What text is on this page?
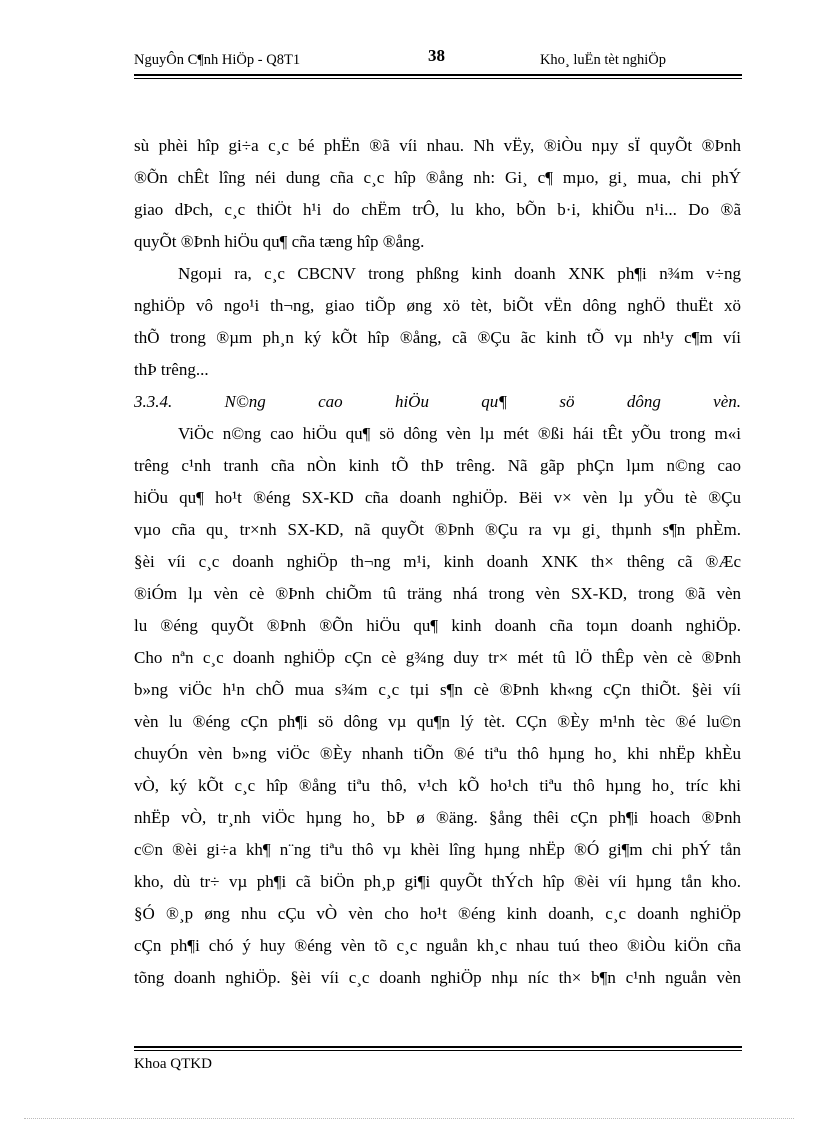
NguyÔn C¶nh HiÖp - Q8T1	38	Kho¸ luËn tèt nghiÖp

sù phèi hîp gi÷a c¸c bé phËn ®ã víi nhau. Nh vËy, ®iÒu nµy sÏ quyÕt ®Þnh

®Õn chÊt lîng néi dung cña c¸c hîp ®ång nh: Gi¸ c¶ mµo, gi¸ mua, chi phÝ

giao dÞch, c¸c thiÖt h¹i do chËm trÔ, lu kho, bÕn b·i, khiÕu n¹i... Do ®ã

quyÕt ®Þnh hiÖu qu¶ cña tæng hîp ®ång.

Ngoµi ra, c¸c CBCNV trong phßng kinh doanh XNK ph¶i n¾m v÷ng

nghiÖp vô ngo¹i th¬ng, giao tiÕp øng xö tèt, biÕt vËn dông nghÖ thuËt xö

thÕ trong ®µm ph¸n ký kÕt hîp ®ång, cã ®Çu ãc kinh tÕ vµ nh¹y c¶m víi

thÞ trêng...

3.3.4. N©ng cao hiÖu qu¶ sö dông vèn.

ViÖc n©ng cao hiÖu qu¶ sö dông vèn lµ mét ®ßi hái tÊt yÕu trong m«i

trêng c¹nh tranh cña nÒn kinh tÕ thÞ trêng. Nã gãp phÇn lµm n©ng cao

hiÖu qu¶ ho¹t ®éng SX-KD cña doanh nghiÖp. Bëi v× vèn lµ yÕu tè ®Çu

vµo cña qu¸ tr×nh SX-KD, nã quyÕt ®Þnh ®Çu ra vµ gi¸ thµnh s¶n phÈm.

§èi víi c¸c doanh nghiÖp th¬ng m¹i, kinh doanh XNK th× thêng cã ®Æc

®iÓm lµ vèn cè ®Þnh chiÕm tû träng nhá trong vèn SX-KD, trong ®ã vèn

lu ®éng quyÕt ®Þnh ®Õn hiÖu qu¶ kinh doanh cña toµn doanh nghiÖp.

Cho nªn c¸c doanh nghiÖp cÇn cè g¾ng duy tr× mét tû lÖ thÊp vèn cè ®Þnh

b»ng viÖc h¹n chÕ mua s¾m c¸c tµi s¶n cè ®Þnh kh«ng cÇn thiÕt. §èi víi

vèn lu ®éng cÇn ph¶i sö dông vµ qu¶n lý tèt. CÇn ®Èy m¹nh tèc ®é lu©n

chuyÓn vèn b»ng viÖc ®Èy nhanh tiÕn ®é tiªu thô hµng ho¸ khi nhËp khÈu

vÒ, ký kÕt c¸c hîp ®ång tiªu thô, v¹ch kÕ ho¹ch tiªu thô hµng ho¸ tríc khi

nhËp vÒ, tr¸nh viÖc hµng ho¸ bÞ ø ®äng. §ång thêi cÇn ph¶i hoach ®Þnh

c©n ®èi gi÷a kh¶ n¨ng tiªu thô vµ khèi lîng hµng nhËp ®Ó gi¶m chi phÝ tån

kho, dù tr÷ vµ ph¶i cã biÖn ph¸p gi¶i quyÕt thÝch hîp ®èi víi hµng tån kho.

§Ó ®¸p øng nhu cÇu vÒ vèn cho ho¹t ®éng kinh doanh, c¸c doanh nghiÖp

cÇn ph¶i chó ý huy ®éng vèn tõ c¸c nguån kh¸c nhau tuú theo ®iÒu kiÖn cña

tõng doanh nghiÖp. §èi víi c¸c doanh nghiÖp nhµ níc th× b¶n c¹nh nguån vèn

Khoa QTKD
